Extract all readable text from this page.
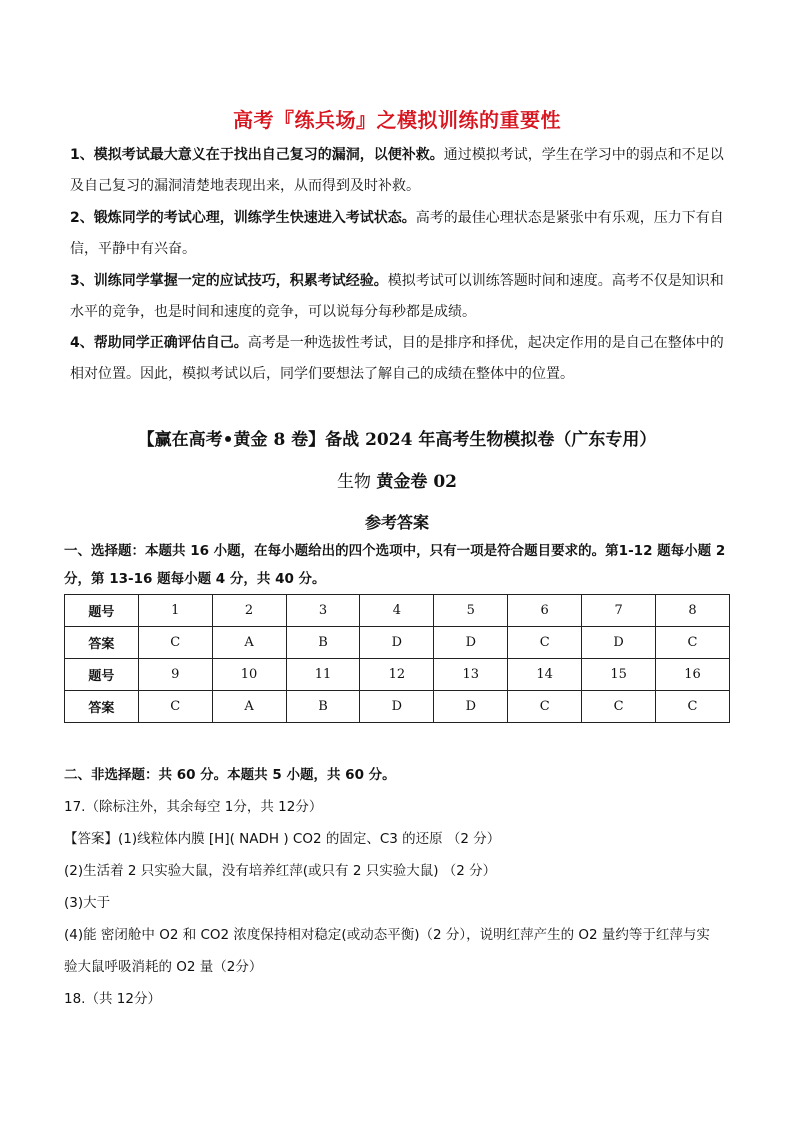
高考『练兵场』之模拟训练的重要性
1、模拟考试最大意义在于找出自己复习的漏洞，以便补救。通过模拟考试，学生在学习中的弱点和不足以及自己复习的漏洞清楚地表现出来，从而得到及时补救。
2、锻炼同学的考试心理，训练学生快速进入考试状态。高考的最佳心理状态是紧张中有乐观，压力下有自信，平静中有兴奋。
3、训练同学掌握一定的应试技巧，积累考试经验。模拟考试可以训练答题时间和速度。高考不仅是知识和水平的竞争，也是时间和速度的竞争，可以说每分每秒都是成绩。
4、帮助同学正确评估自己。高考是一种选拔性考试，目的是排序和择优，起决定作用的是自己在整体中的相对位置。因此，模拟考试以后，同学们要想法了解自己的成绩在整体中的位置。
【赢在高考•黄金 8 卷】备战 2024 年高考生物模拟卷（广东专用）
生物 黄金卷 02
参考答案
一、选择题：本题共 16 小题，在每小题给出的四个选项中，只有一项是符合题目要求的。第1-12 题每小题 2 分，第 13-16 题每小题 4 分，共 40 分。
题号	1	2	3	4	5	6	7	8
答案	C	A	B	D	D	C	D	C
题号	9	10	11	12	13	14	15	16
答案	C	A	B	D	D	C	C	C
二、非选择题：共 60 分。本题共 5 小题，共 60 分。
17.（除标注外，其余每空 1分，共 12分）
【答案】(1)线粒体内膜 [H]( NADH ) CO2 的固定、C3 的还原 （2 分）
(2)生活着 2 只实验大鼠，没有培养红萍(或只有 2 只实验大鼠) （2 分）
(3)大于
(4)能 密闭舱中 O2 和 CO2 浓度保持相对稳定(或动态平衡)（2 分），说明红萍产生的 O2 量约等于红萍与实
验大鼠呼吸消耗的 O2 量（2分）
18.（共 12分）
